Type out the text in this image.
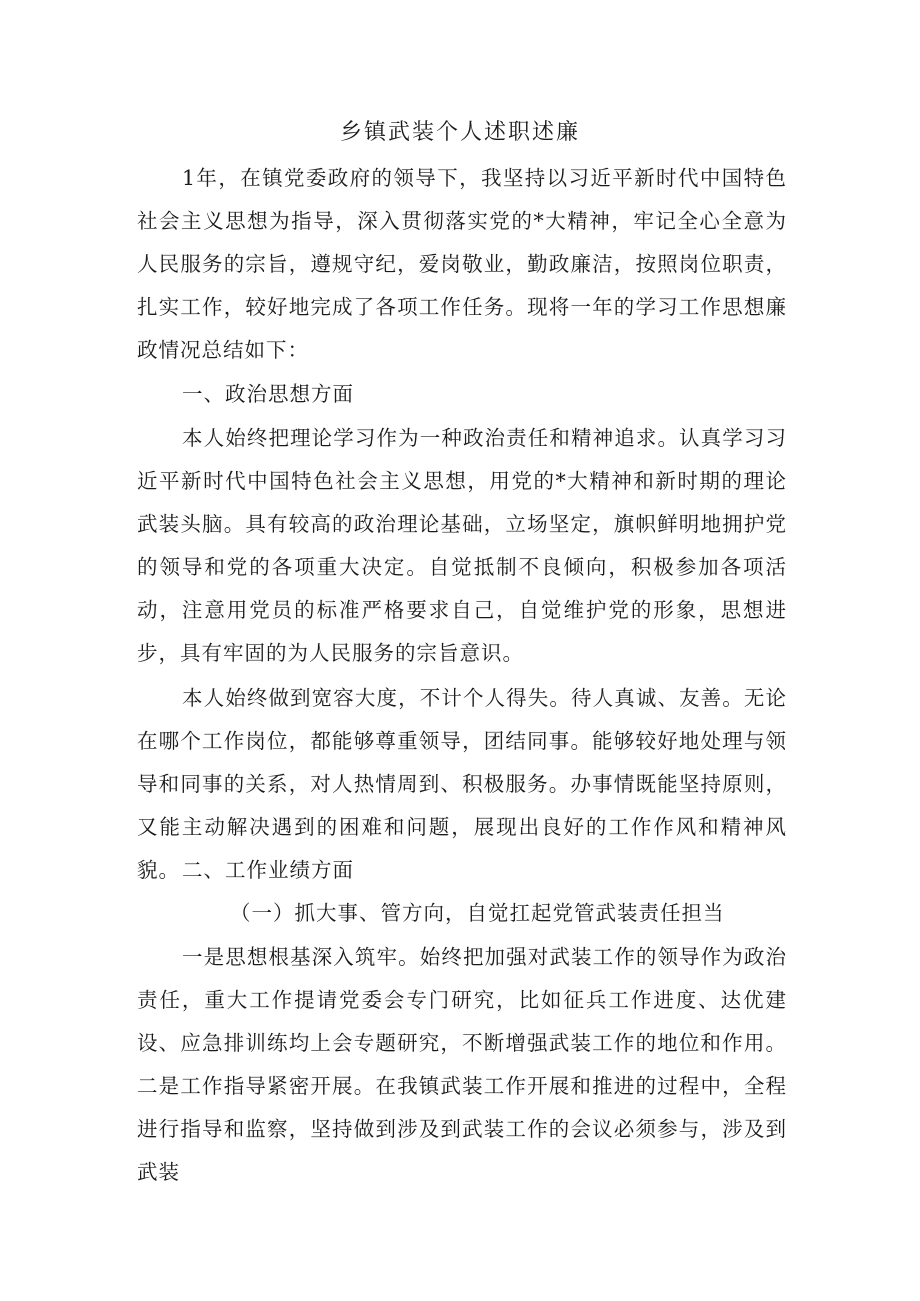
乡镇武装个人述职述廉
1年，在镇党委政府的领导下，我坚持以习近平新时代中国特色社会主义思想为指导，深入贯彻落实党的*大精神，牢记全心全意为人民服务的宗旨，遵规守纪，爱岗敬业，勤政廉洁，按照岗位职责，扎实工作，较好地完成了各项工作任务。现将一年的学习工作思想廉政情况总结如下：
一、政治思想方面
本人始终把理论学习作为一种政治责任和精神追求。认真学习习近平新时代中国特色社会主义思想，用党的*大精神和新时期的理论武装头脑。具有较高的政治理论基础，立场坚定，旗帜鲜明地拥护党的领导和党的各项重大决定。自觉抵制不良倾向，积极参加各项活动，注意用党员的标准严格要求自己，自觉维护党的形象，思想进步，具有牢固的为人民服务的宗旨意识。
本人始终做到宽容大度，不计个人得失。待人真诚、友善。无论在哪个工作岗位，都能够尊重领导，团结同事。能够较好地处理与领导和同事的关系，对人热情周到、积极服务。办事情既能坚持原则，又能主动解决遇到的困难和问题，展现出良好的工作作风和精神风貌。 二、工作业绩方面
（一）抓大事、管方向，自觉扛起党管武装责任担当
一是思想根基深入筑牢。始终把加强对武装工作的领导作为政治责任，重大工作提请党委会专门研究，比如征兵工作进度、达优建设、应急排训练均上会专题研究，不断增强武装工作的地位和作用。二是工作指导紧密开展。在我镇武装工作开展和推进的过程中，全程进行指导和监察，坚持做到涉及到武装工作的会议必须参与，涉及到武装
